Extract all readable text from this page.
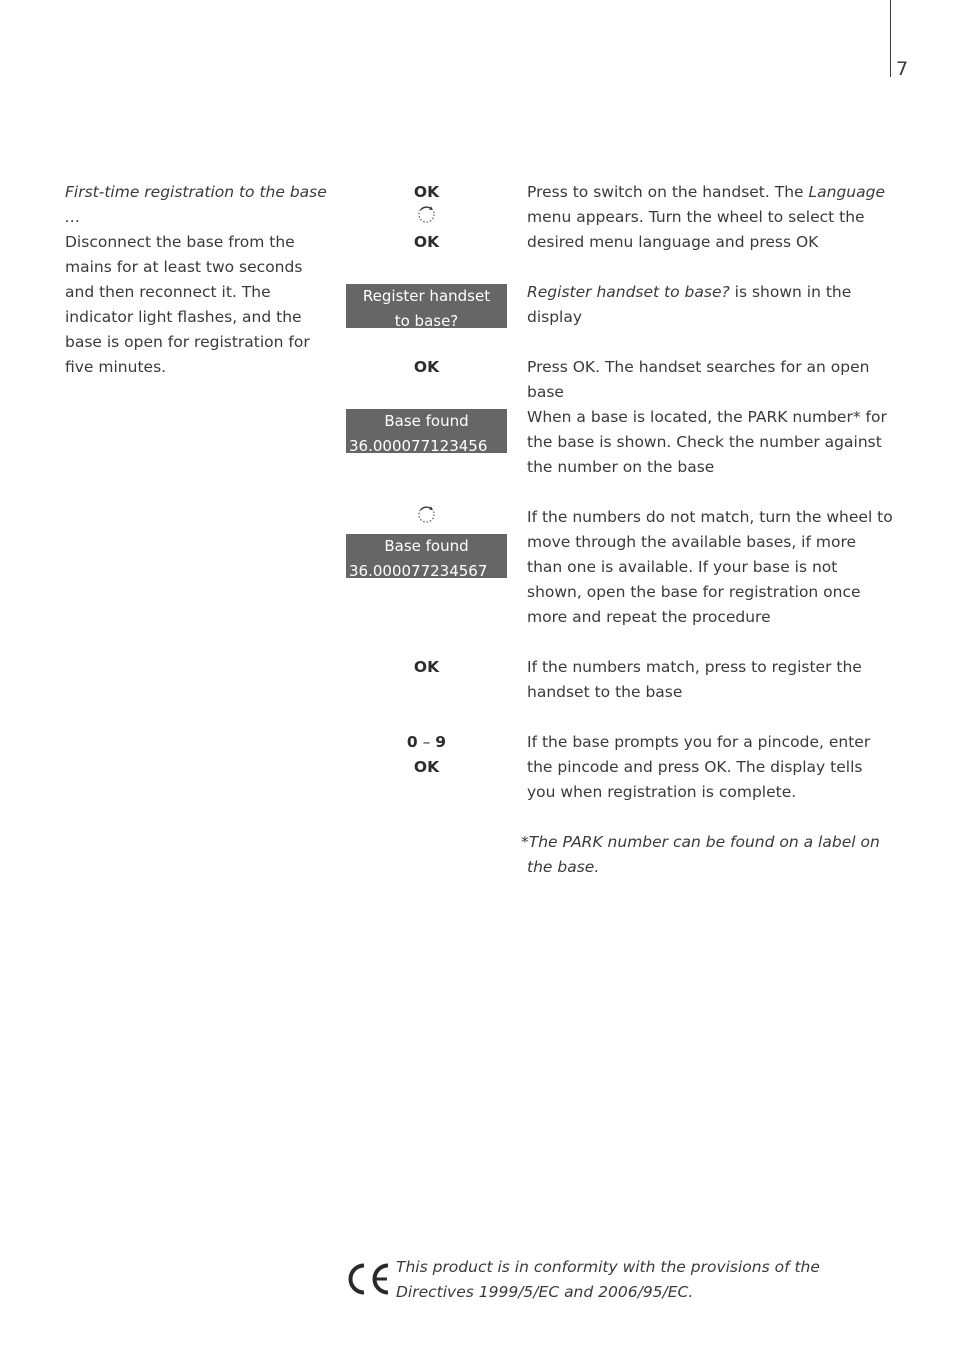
7
First-time registration to the base …
Disconnect the base from the mains for at least two seconds and then reconnect it. The indicator light flashes, and the base is open for registration for five minutes.
OK
OK
Press to switch on the handset. The Language menu appears. Turn the wheel to select the desired menu language and press OK
Register handset
to base?
Register handset to base? is shown in the display
OK	Press OK. The handset searches for an open base
Base found
36.000077123456
When a base is located, the PARK number* for the base is shown. Check the number against the number on the base
Base found
36.000077234567
If the numbers do not match, turn the wheel to move through the available bases, if more than one is available. If your base is not shown, open the base for registration once more and repeat the procedure
OK	If the numbers match, press to register the handset to the base
0 – 9
OK
If the base prompts you for a pincode, enter the pincode and press OK. The display tells you when registration is complete.
*The PARK number can be found on a label on
the base.
This product is in conformity with the provisions of the Directives 1999/5/EC and 2006/95/EC.
